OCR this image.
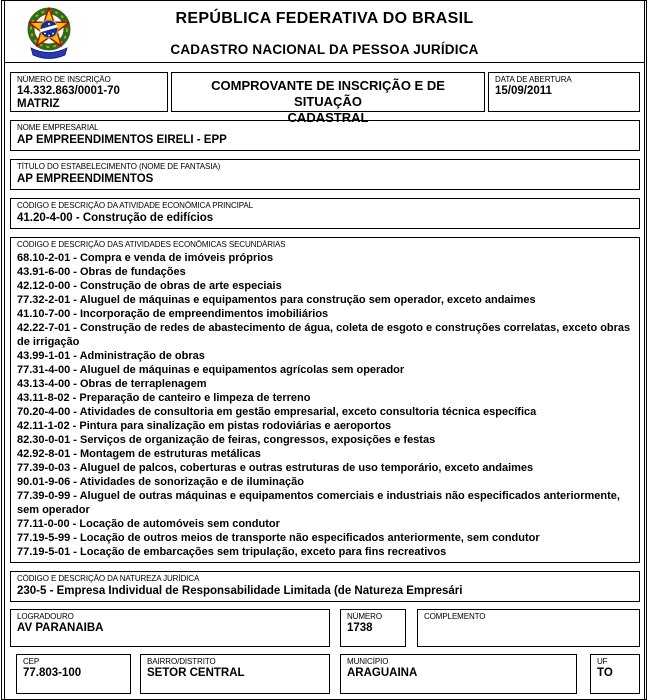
REPÚBLICA FEDERATIVA DO BRASIL
CADASTRO NACIONAL DA PESSOA JURÍDICA
NÚMERO DE INSCRIÇÃO
14.332.863/0001-70
MATRIZ
COMPROVANTE DE INSCRIÇÃO E DE SITUAÇÃO
CADASTRAL
DATA DE ABERTURA
15/09/2011
NOME EMPRESARIAL
AP EMPREENDIMENTOS EIRELI - EPP
TÍTULO DO ESTABELECIMENTO (NOME DE FANTASIA)
AP EMPREENDIMENTOS
CÓDIGO E DESCRIÇÃO DA ATIVIDADE ECONÔMICA PRINCIPAL
41.20-4-00 - Construção de edifícios
CÓDIGO E DESCRIÇÃO DAS ATIVIDADES ECONÔMICAS SECUNDÁRIAS
68.10-2-01 - Compra e venda de imóveis próprios
43.91-6-00 - Obras de fundações
42.12-0-00 - Construção de obras de arte especiais
77.32-2-01 - Aluguel de máquinas e equipamentos para construção sem operador, exceto andaimes
41.10-7-00 - Incorporação de empreendimentos imobiliários
42.22-7-01 - Construção de redes de abastecimento de água, coleta de esgoto e construções correlatas, exceto obras de irrigação
43.99-1-01 - Administração de obras
77.31-4-00 - Aluguel de máquinas e equipamentos agrícolas sem operador
43.13-4-00 - Obras de terraplenagem
43.11-8-02 - Preparação de canteiro e limpeza de terreno
70.20-4-00 - Atividades de consultoria em gestão empresarial, exceto consultoria técnica específica
42.11-1-02 - Pintura para sinalização em pistas rodoviárias e aeroportos
82.30-0-01 - Serviços de organização de feiras, congressos, exposições e festas
42.92-8-01 - Montagem de estruturas metálicas
77.39-0-03 - Aluguel de palcos, coberturas e outras estruturas de uso temporário, exceto andaimes
90.01-9-06 - Atividades de sonorização e de iluminação
77.39-0-99 - Aluguel de outras máquinas e equipamentos comerciais e industriais não especificados anteriormente, sem operador
77.11-0-00 - Locação de automóveis sem condutor
77.19-5-99 - Locação de outros meios de transporte não especificados anteriormente, sem condutor
77.19-5-01 - Locação de embarcações sem tripulação, exceto para fins recreativos
CÓDIGO E DESCRIÇÃO DA NATUREZA JURÍDICA
230-5 - Empresa Individual de Responsabilidade Limitada (de Natureza Empresári
LOGRADOURO
AV PARANAIBA
NÚMERO
1738
COMPLEMENTO
CEP
77.803-100
BAIRRO/DISTRITO
SETOR CENTRAL
MUNICÍPIO
ARAGUAINA
UF
TO
